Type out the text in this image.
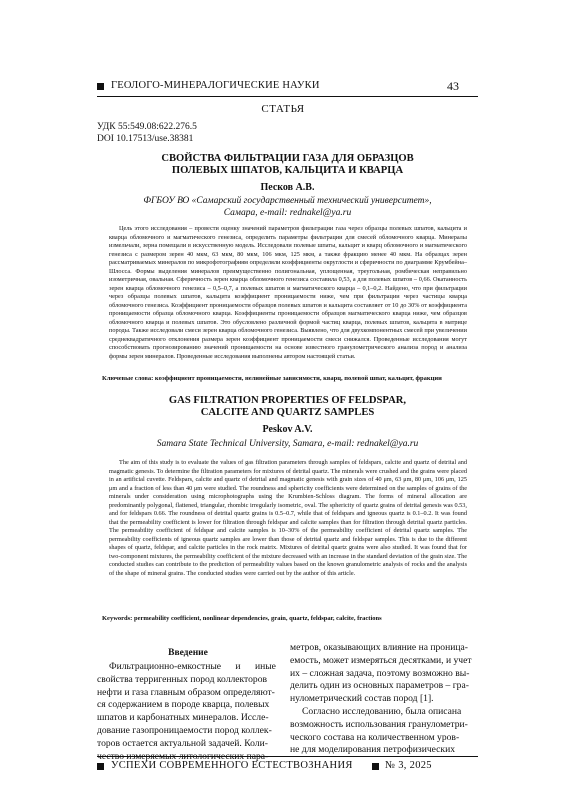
ГЕОЛОГО-МИНЕРАЛОГИЧЕСКИЕ НАУКИ	43
СТАТЬЯ
УДК 55:549.08:622.276.5
DOI 10.17513/use.38381
СВОЙСТВА ФИЛЬТРАЦИИ ГАЗА ДЛЯ ОБРАЗЦОВ
ПОЛЕВЫХ ШПАТОВ, КАЛЬЦИТА И КВАРЦА
Песков А.В.
ФГБОУ ВО «Самарский государственный технический университет»,
Самара, e-mail: rednakel@ya.ru
Цель этого исследования – провести оценку значений параметров фильтрации газа через образцы полевых шпатов, кальцита и кварца обломочного и магматического генезиса, определить параметры фильтрации для смесей обломочного кварца. Минералы измельчали, зерна помещали в искусственную модель. Исследовали полевые шпаты, кальцит и кварц обломочного и магматического генезиса с размером зерен 40 мкм, 63 мкм, 80 мкм, 106 мкм, 125 мкм, а также фракцию менее 40 мкм. На образцах зерен рассматриваемых минералов по микрофотографиям определяли коэффициенты округлости и сферичности по диаграмме Крумбейна–Шлосса. Формы выделения минералов преимущественно полигональная, уплощенная, треугольная, ромбическая неправильно изометричная, овальная. Сферичность зерен кварца обломочного генезиса составила 0,53, а для полевых шпатов – 0,66. Окатанность зерен кварца обломочного генезиса – 0,5–0,7, а полевых шпатов и магматического кварца – 0,1–0,2. Найдено, что при фильтрации через образцы полевых шпатов, кальцита коэффициент проницаемости ниже, чем при фильтрации через частицы кварца обломочного генезиса. Коэффициент проницаемости образцов полевых шпатов и кальцита составляет от 10 до 30% от коэффициента проницаемости образца обломочного кварца. Коэффициенты проницаемости образцов магматического кварца ниже, чем образцов обломочного кварца и полевых шпатов. Это обусловлено различной формой частиц кварца, полевых шпатов, кальцита в матрице породы. Также исследовали смеси зерен кварца обломочного генезиса. Выявлено, что для двухкомпонентных смесей при увеличении среднеквадратичного отклонения размера зерен коэффициент проницаемости смеси снижался. Проведенные исследования могут способствовать прогнозированию значений проницаемости на основе известного гранулометрического анализа пород и анализа формы зерен минералов. Проведенные исследования выполнены автором настоящей статьи.
Ключевые слова: коэффициент проницаемости, нелинейные зависимости, кварц, полевой шпат, кальцит, фракции
GAS FILTRATION PROPERTIES OF FELDSPAR,
CALCITE AND QUARTZ SAMPLES
Peskov A.V.
Samara State Technical University, Samara, e-mail: rednakel@ya.ru
The aim of this study is to evaluate the values of gas filtration parameters through samples of feldspars, calcite and quartz of detrital and magmatic genesis. To determine the filtration parameters for mixtures of detrital quartz. The minerals were crushed and the grains were placed in an artificial cuvette. Feldspars, calcite and quartz of detrital and magmatic genesis with grain sizes of 40 μm, 63 μm, 80 μm, 106 μm, 125 μm and a fraction of less than 40 μm were studied. The roundness and sphericity coefficients were determined on the samples of grains of the minerals under consideration using microphotographs using the Krumbien-Schloss diagram. The forms of mineral allocation are predominantly polygonal, flattened, triangular, rhombic irregularly isometric, oval. The sphericity of quartz grains of detrital genesis was 0.53, and for feldspars 0.66. The roundness of detrital quartz grains is 0.5–0.7, while that of feldspars and igneous quartz is 0.1–0.2. It was found that the permeability coefficient is lower for filtration through feldspar and calcite samples than for filtration through detrital quartz particles. The permeability coefficient of feldspar and calcite samples is 10–30% of the permeability coefficient of detrital quartz samples. The permeability coefficients of igneous quartz samples are lower than those of detrital quartz and feldspar samples. This is due to the different shapes of quartz, feldspar, and calcite particles in the rock matrix. Mixtures of detrital quartz grains were also studied. It was found that for two-component mixtures, the permeability coefficient of the mixture decreased with an increase in the standard deviation of the grain size. The conducted studies can contribute to the prediction of permeability values based on the known granulometric analysis of rocks and the analysis of the shape of mineral grains. The conducted studies were carried out by the author of this article.
Keywords: permeability coefficient, nonlinear dependencies, grain, quartz, feldspar, calcite, fractions
Введение
Фильтрационно-емкостные и иные
свойства терригенных пород коллекторов
нефти и газа главным образом определяют-
ся содержанием в породе кварца, полевых
шпатов и карбонатных минералов. Иссле-
дование газопроницаемости пород коллек-
торов остается актуальной задачей. Коли-
чество измеряемых литологических пара-
метров, оказывающих влияние на проница-
емость, может измеряться десятками, и учет
их – сложная задача, поэтому возможно вы-
делить один из основных параметров – гра-
нулометрический состав пород [1].
Согласно исследованию, была описана
возможность использования гранулометри-
ческого состава на количественном уров-
не для моделирования петрофизических
УСПЕХИ СОВРЕМЕННОГО ЕСТЕСТВОЗНАНИЯ	№ 3, 2025
